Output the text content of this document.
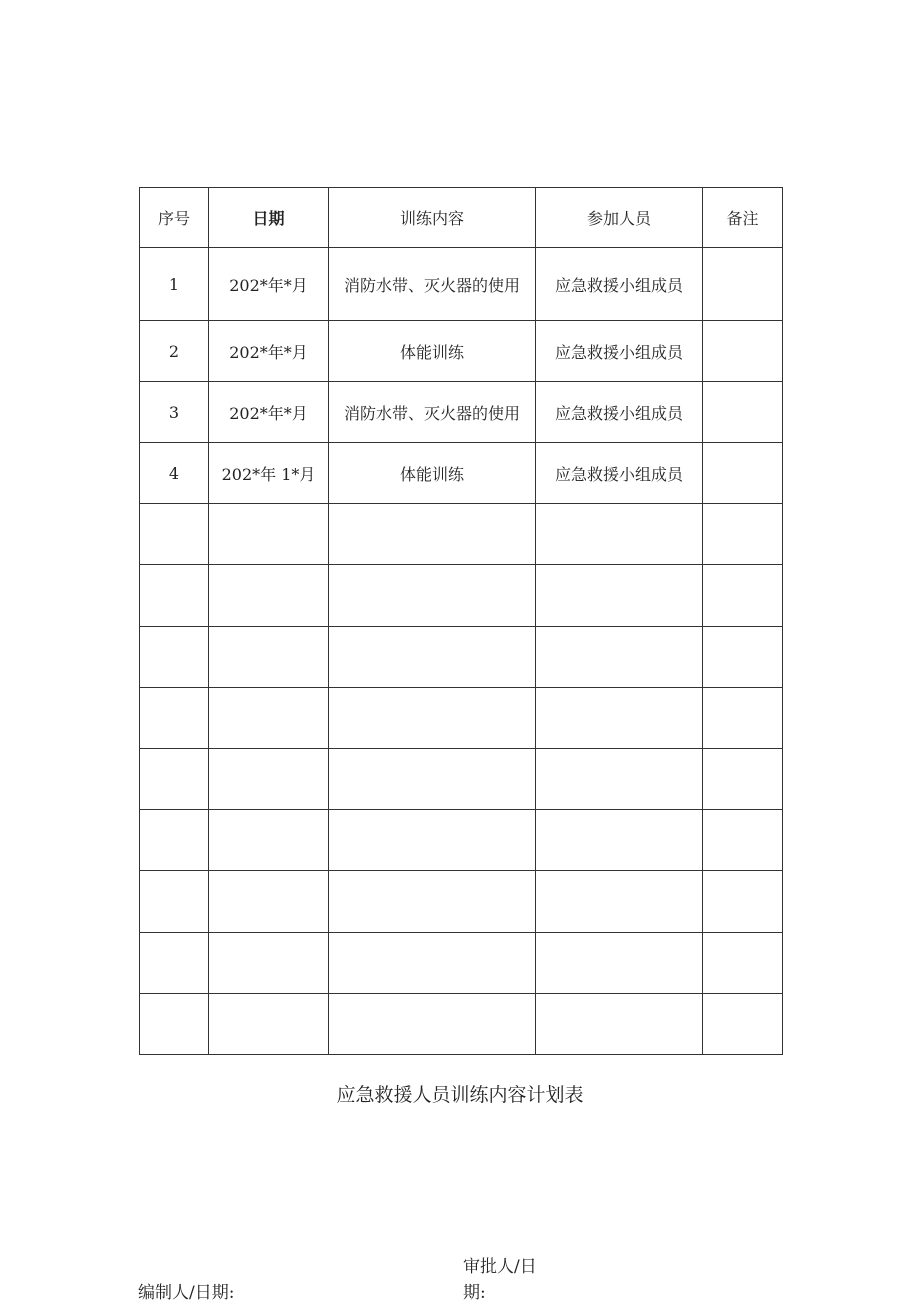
序号	日期	训练内容	参加人员	备注
1	202*年*月	消防水带、灭火器的使用	应急救援小组成员	
2	202*年*月	体能训练	应急救援小组成员	
3	202*年*月	消防水带、灭火器的使用	应急救援小组成员	
4	202*年 1*月	体能训练	应急救援小组成员	

应急救援人员训练内容计划表
编制人/日期:
审批人/日
期:
